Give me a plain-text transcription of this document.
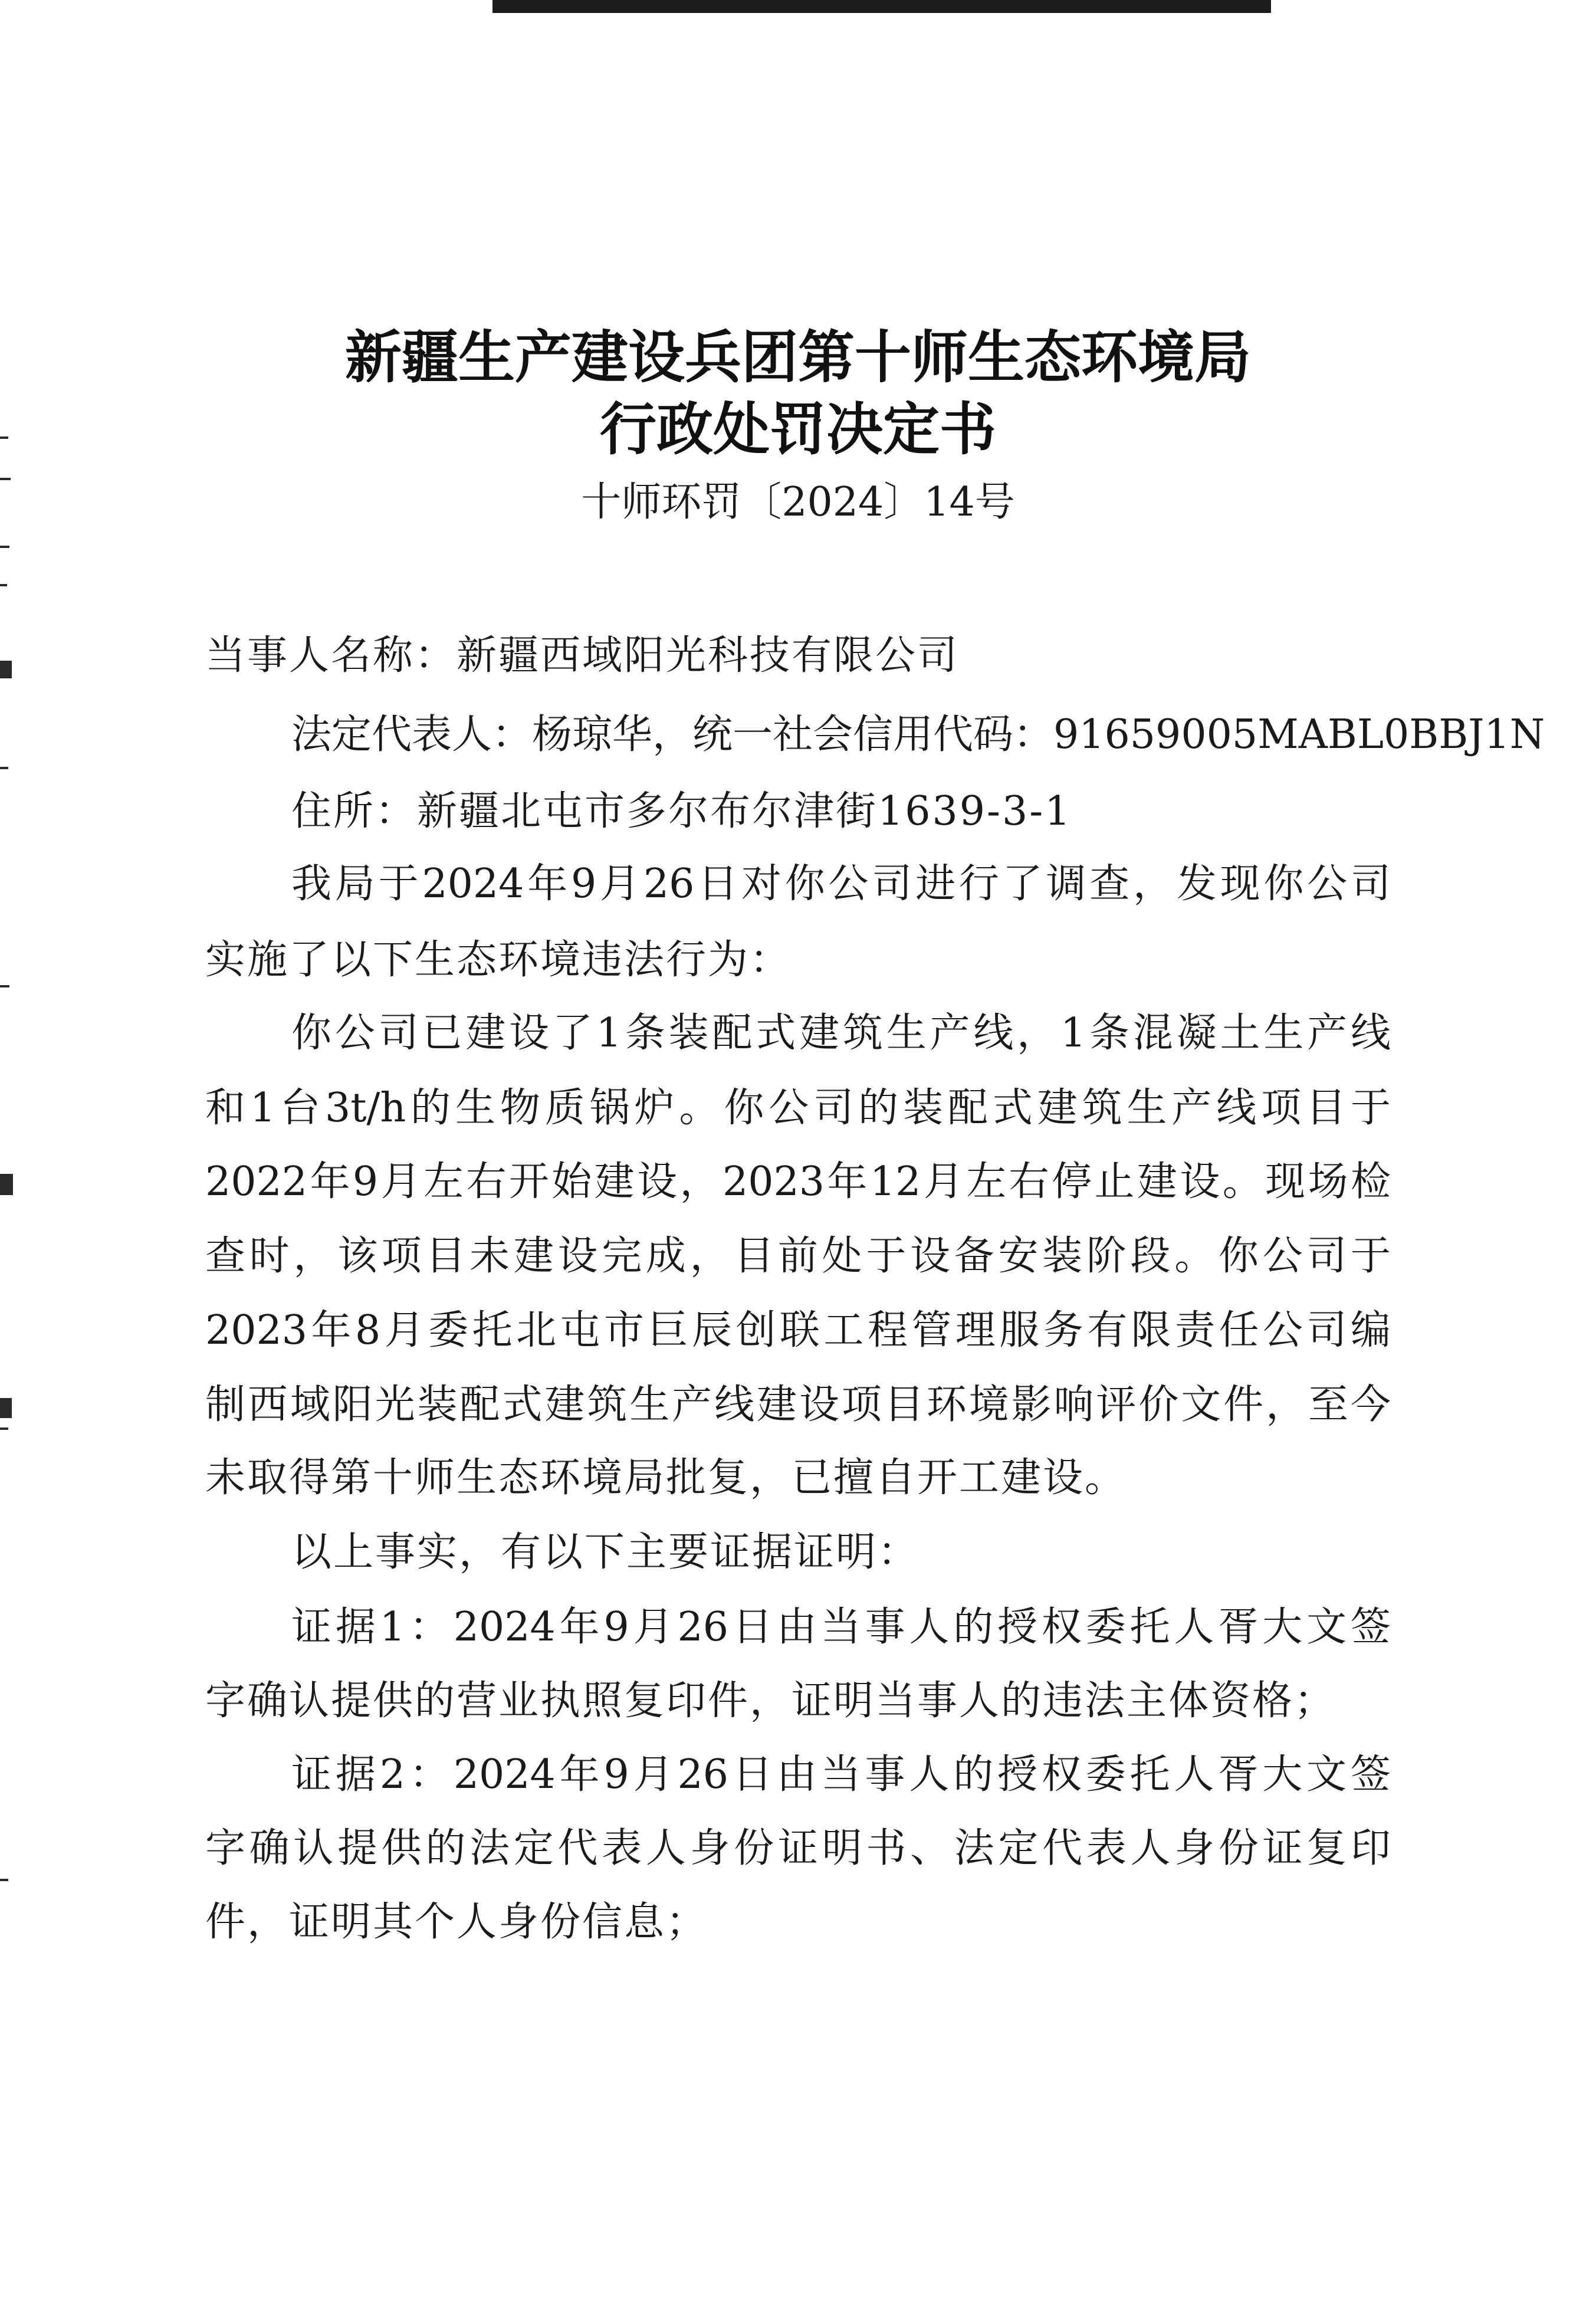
新疆生产建设兵团第十师生态环境局
行政处罚决定书
十师环罚〔2024〕14号
当事人名称：新疆西域阳光科技有限公司
法定代表人：杨琼华，统一社会信用代码：91659005MABL0BBJ1N
住所：新疆北屯市多尔布尔津街1639-3-1
我局于2024年9月26日对你公司进行了调查，发现你公司
实施了以下生态环境违法行为：
你公司已建设了1条装配式建筑生产线，1条混凝土生产线
和1台3t/h的生物质锅炉。你公司的装配式建筑生产线项目于
2022年9月左右开始建设，2023年12月左右停止建设。现场检
查时，该项目未建设完成，目前处于设备安装阶段。你公司于
2023年8月委托北屯市巨辰创联工程管理服务有限责任公司编
制西域阳光装配式建筑生产线建设项目环境影响评价文件，至今
未取得第十师生态环境局批复，已擅自开工建设。
以上事实，有以下主要证据证明：
证据1：2024年9月26日由当事人的授权委托人胥大文签
字确认提供的营业执照复印件，证明当事人的违法主体资格；
证据2：2024年9月26日由当事人的授权委托人胥大文签
字确认提供的法定代表人身份证明书、法定代表人身份证复印
件，证明其个人身份信息；
